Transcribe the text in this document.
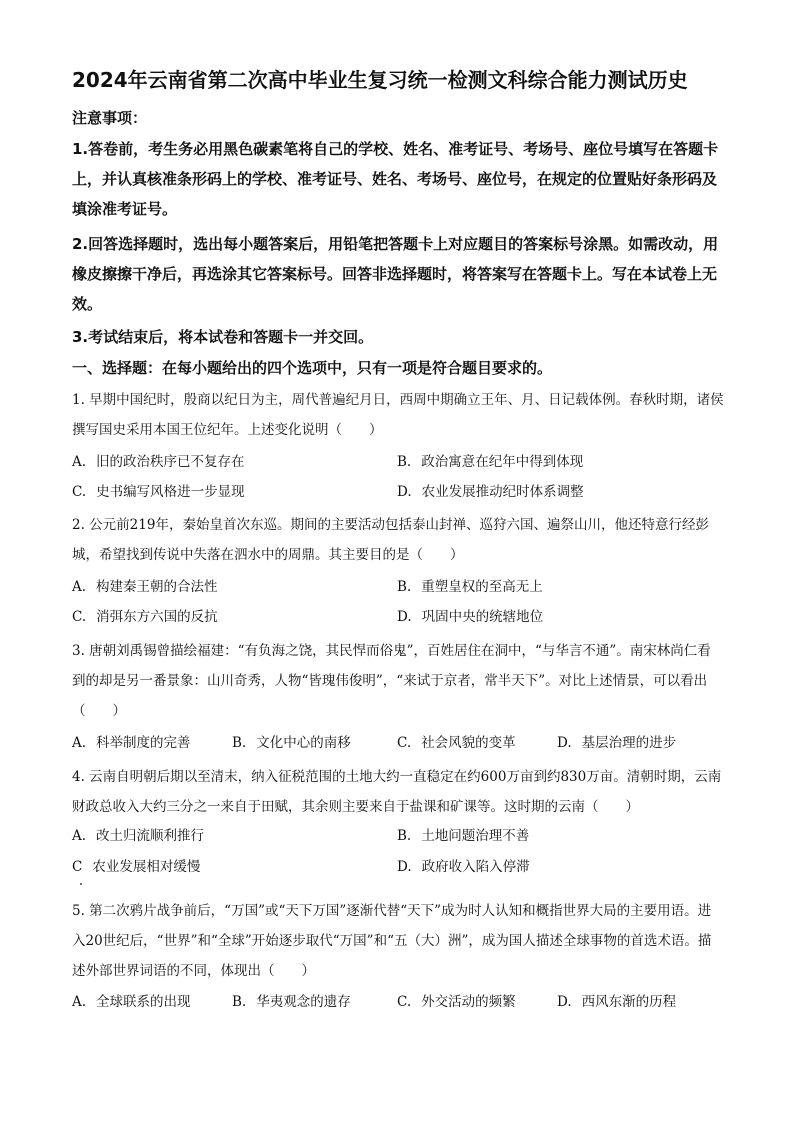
2024年云南省第二次高中毕业生复习统一检测文科综合能力测试历史
注意事项：
1.答卷前，考生务必用黑色碳素笔将自己的学校、姓名、准考证号、考场号、座位号填写在答题卡上，并认真核准条形码上的学校、准考证号、姓名、考场号、座位号，在规定的位置贴好条形码及填涂准考证号。
2.回答选择题时，选出每小题答案后，用铅笔把答题卡上对应题目的答案标号涂黑。如需改动，用橡皮擦擦干净后，再选涂其它答案标号。回答非选择题时，将答案写在答题卡上。写在本试卷上无效。
3.考试结束后，将本试卷和答题卡一并交回。
一、选择题：在每小题给出的四个选项中，只有一项是符合题目要求的。
1. 早期中国纪时，殷商以纪日为主，周代普遍纪月日，西周中期确立王年、月、日记载体例。春秋时期，诸侯撰写国史采用本国王位纪年。上述变化说明（　　）
A. 旧的政治秩序已不复存在	B. 政治寓意在纪年中得到体现
C. 史书编写风格进一步显现	D. 农业发展推动纪时体系调整
2. 公元前219年，秦始皇首次东巡。期间的主要活动包括泰山封禅、巡狩六国、遍祭山川，他还特意行经彭城，希望找到传说中失落在泗水中的周鼎。其主要目的是（　　）
A. 构建秦王朝的合法性	B. 重塑皇权的至高无上
C. 消弭东方六国的反抗	D. 巩固中央的统辖地位
3. 唐朝刘禹锡曾描绘福建：“有负海之饶，其民悍而俗鬼”，百姓居住在洞中，“与华言不通”。南宋林尚仁看到的却是另一番景象：山川奇秀，人物“皆瑰伟俊明”，“来试于京者，常半天下”。对比上述情景，可以看出（　　）
A. 科举制度的完善	B. 文化中心的南移	C. 社会风貌的变革	D. 基层治理的进步
4. 云南自明朝后期以至清末，纳入征税范围的土地大约一直稳定在约600万亩到约830万亩。清朝时期，云南财政总收入大约三分之一来自于田赋，其余则主要来自于盐课和矿课等。这时期的云南（　　）
A. 改土归流顺利推行	B. 土地问题治理不善
C 农业发展相对缓慢	D. 政府收入陷入停滞
5. 第二次鸦片战争前后，“万国”或“天下万国”逐渐代替“天下”成为时人认知和概指世界大局的主要用语。进入20世纪后，“世界”和“全球”开始逐步取代“万国”和“五（大）洲”，成为国人描述全球事物的首选术语。描述外部世界词语的不同，体现出（　　）
A. 全球联系的出现	B. 华夷观念的遗存	C. 外交活动的频繁	D. 西风东渐的历程
